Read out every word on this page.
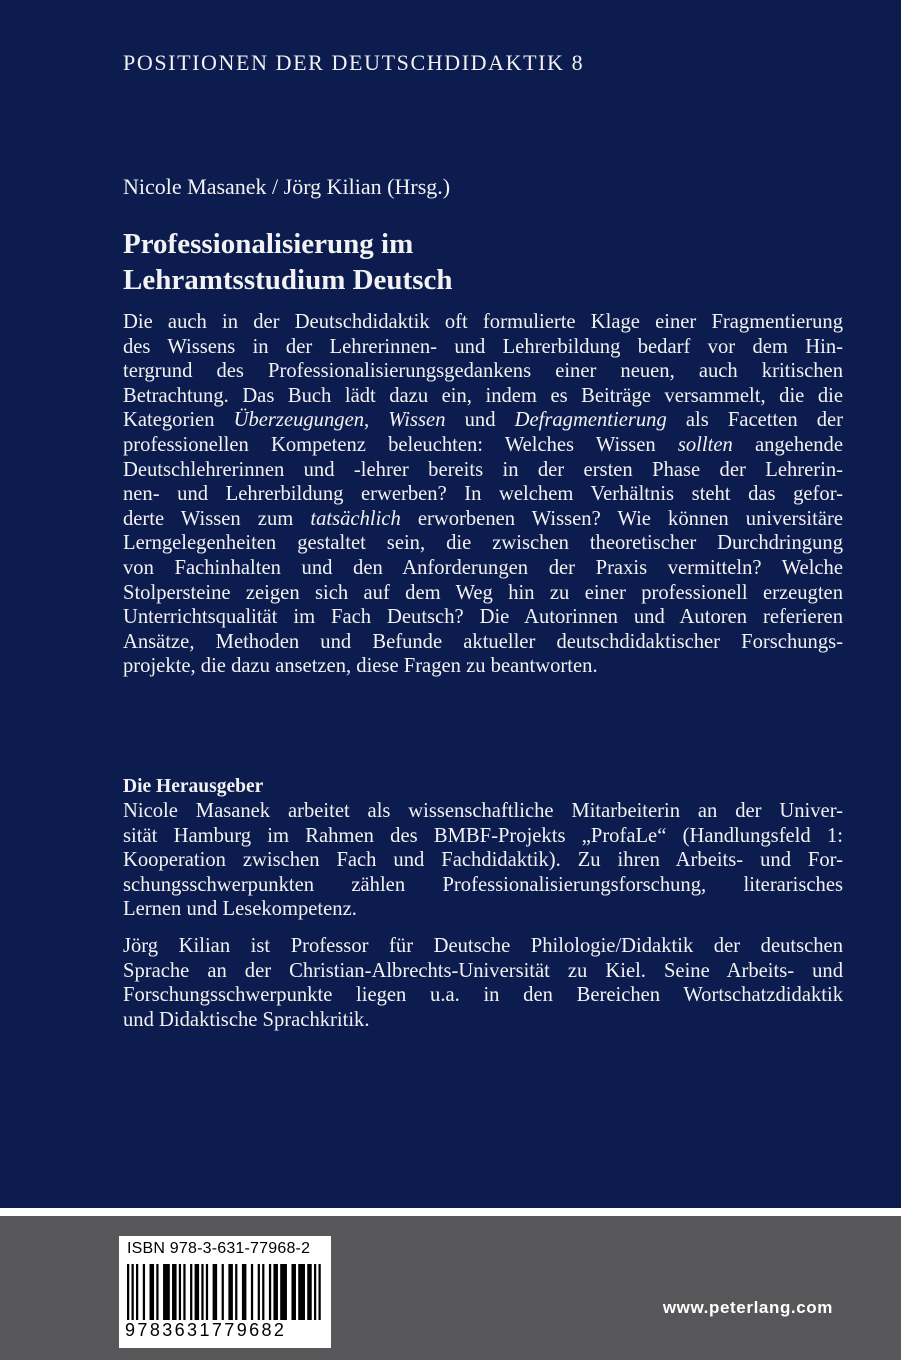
POSITIONEN DER DEUTSCHDIDAKTIK 8
Nicole Masanek / Jörg Kilian (Hrsg.)
Professionalisierung im
Lehramtsstudium Deutsch
Die auch in der Deutschdidaktik oft formulierte Klage einer Fragmentierung
des Wissens in der Lehrerinnen- und Lehrerbildung bedarf vor dem Hin-
tergrund des Professionalisierungsgedankens einer neuen, auch kritischen
Betrachtung. Das Buch lädt dazu ein, indem es Beiträge versammelt, die die
Kategorien Überzeugungen, Wissen und Defragmentierung als Facetten der
professionellen Kompetenz beleuchten: Welches Wissen sollten angehende
Deutschlehrerinnen und -lehrer bereits in der ersten Phase der Lehrerin-
nen- und Lehrerbildung erwerben? In welchem Verhältnis steht das gefor-
derte Wissen zum tatsächlich erworbenen Wissen? Wie können universitäre
Lerngelegenheiten gestaltet sein, die zwischen theoretischer Durchdringung
von Fachinhalten und den Anforderungen der Praxis vermitteln? Welche
Stolpersteine zeigen sich auf dem Weg hin zu einer professionell erzeugten
Unterrichtsqualität im Fach Deutsch? Die Autorinnen und Autoren referieren
Ansätze, Methoden und Befunde aktueller deutschdidaktischer Forschungs-
projekte, die dazu ansetzen, diese Fragen zu beantworten.
Die Herausgeber
Nicole Masanek arbeitet als wissenschaftliche Mitarbeiterin an der Univer-
sität Hamburg im Rahmen des BMBF-Projekts „ProfaLe“ (Handlungsfeld 1:
Kooperation zwischen Fach und Fachdidaktik). Zu ihren Arbeits- und For-
schungsschwerpunkten zählen Professionalisierungsforschung, literarisches
Lernen und Lesekompetenz.
Jörg Kilian ist Professor für Deutsche Philologie/Didaktik der deutschen
Sprache an der Christian-Albrechts-Universität zu Kiel. Seine Arbeits- und
Forschungsschwerpunkte liegen u.a. in den Bereichen Wortschatzdidaktik
und Didaktische Sprachkritik.
ISBN 978-3-631-77968-2
9783631779682
www.peterlang.com
